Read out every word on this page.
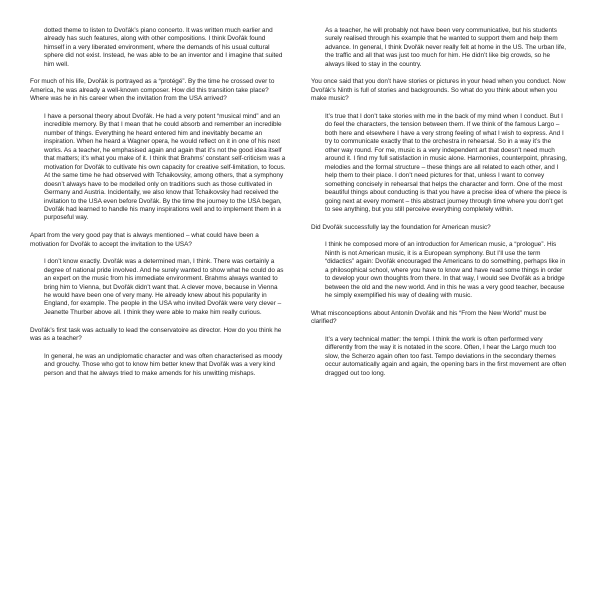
dotted theme to listen to Dvořák’s piano concerto. It was written much earlier and already has such features, along with other compositions. I think Dvořák found himself in a very liberated environment, where the demands of his usual cultural sphere did not exist. Instead, he was able to be an inventor and I imagine that suited him well.

For much of his life, Dvořák is portrayed as a “protégé”. By the time he crossed over to America, he was already a well-known composer. How did this transition take place? Where was he in his career when the invitation from the USA arrived?

I have a personal theory about Dvořák. He had a very potent “musical mind” and an incredible memory. By that I mean that he could absorb and remember an incredible number of things. Everything he heard entered him and inevitably became an inspiration. When he heard a Wagner opera, he would reflect on it in one of his next works. As a teacher, he emphasised again and again that it’s not the good idea itself that matters; it’s what you make of it. I think that Brahms’ constant self-criticism was a motivation for Dvořák to cultivate his own capacity for creative self-limitation, to focus. At the same time he had observed with Tchaikovsky, among others, that a symphony doesn’t always have to be modelled only on traditions such as those cultivated in Germany and Austria. Incidentally, we also know that Tchaikovsky had received the invitation to the USA even before Dvořák. By the time the journey to the USA began, Dvořák had learned to handle his many inspirations well and to implement them in a purposeful way.

Apart from the very good pay that is always mentioned – what could have been a motivation for Dvořák to accept the invitation to the USA?

I don’t know exactly. Dvořák was a determined man, I think. There was certainly a degree of national pride involved. And he surely wanted to show what he could do as an expert on the music from his immediate environment. Brahms always wanted to bring him to Vienna, but Dvořák didn’t want that. A clever move, because in Vienna he would have been one of very many. He already knew about his popularity in England, for example. The people in the USA who invited Dvořák were very clever – Jeanette Thurber above all. I think they were able to make him really curious.

Dvořák’s first task was actually to lead the conservatoire as director. How do you think he was as a teacher?

In general, he was an undiplomatic character and was often characterised as moody and grouchy. Those who got to know him better knew that Dvořák was a very kind person and that he always tried to make amends for his unwitting mishaps.

As a teacher, he will probably not have been very communicative, but his students surely realised through his example that he wanted to support them and help them advance. In general, I think Dvořák never really felt at home in the US. The urban life, the traffic and all that was just too much for him. He didn’t like big crowds, so he always liked to stay in the country.

You once said that you don’t have stories or pictures in your head when you conduct. Now Dvořák’s Ninth is full of stories and backgrounds. So what do you think about when you make music?

It’s true that I don’t take stories with me in the back of my mind when I conduct. But I do feel the characters, the tension between them. If we think of the famous Largo – both here and elsewhere I have a very strong feeling of what I wish to express. And I try to communicate exactly that to the orchestra in rehearsal. So in a way it’s the other way round. For me, music is a very independent art that doesn’t need much around it. I find my full satisfaction in music alone. Harmonies, counterpoint, phrasing, melodies and the formal structure – these things are all related to each other, and I help them to their place. I don’t need pictures for that, unless I want to convey something concisely in rehearsal that helps the character and form. One of the most beautiful things about conducting is that you have a precise idea of where the piece is going next at every moment – this abstract journey through time where you don’t get to see anything, but you still perceive everything completely within.

Did Dvořák successfully lay the foundation for American music?

I think he composed more of an introduction for American music, a “prologue”. His Ninth is not American music, it is a European symphony. But I’ll use the term “didactics” again: Dvořák encouraged the Americans to do something, perhaps like in a philosophical school, where you have to know and have read some things in order to develop your own thoughts from there. In that way, I would see Dvořák as a bridge between the old and the new world. And in this he was a very good teacher, because he simply exemplified his way of dealing with music.

What misconceptions about Antonín Dvořák and his “From the New World” must be clarified?

It’s a very technical matter: the tempi. I think the work is often performed very differently from the way it is notated in the score. Often, I hear the Largo much too slow, the Scherzo again often too fast. Tempo deviations in the secondary themes occur automatically again and again, the opening bars in the first movement are often dragged out too long.
